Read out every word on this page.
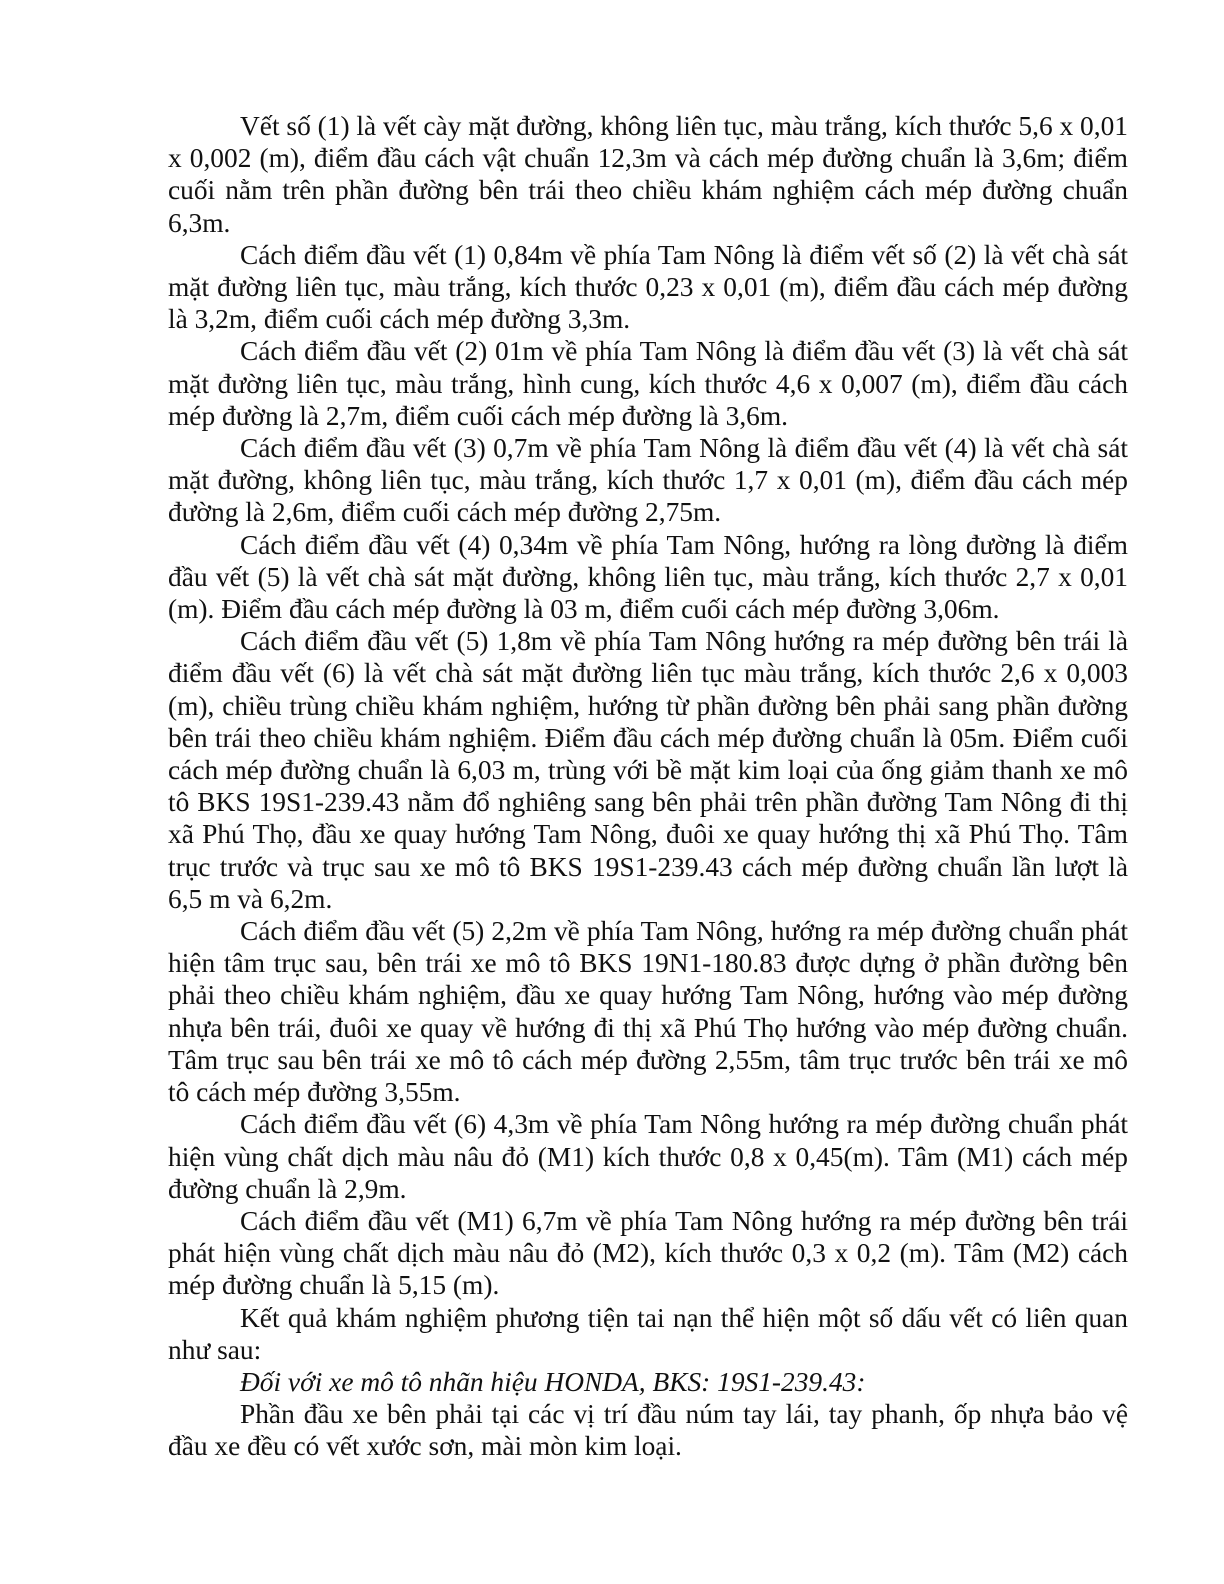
Vết số (1) là vết cày mặt đường, không liên tục, màu trắng, kích thước 5,6 x 0,01 x 0,002 (m), điểm đầu cách vật chuẩn 12,3m và cách mép đường chuẩn là 3,6m; điểm cuối nằm trên phần đường bên trái theo chiều khám nghiệm cách mép đường chuẩn 6,3m.

Cách điểm đầu vết (1) 0,84m về phía Tam Nông là điểm vết số (2) là vết chà sát mặt đường liên tục, màu trắng, kích thước 0,23 x 0,01 (m), điểm đầu cách mép đường là 3,2m, điểm cuối cách mép đường 3,3m.

Cách điểm đầu vết (2) 01m về phía Tam Nông là điểm đầu vết (3) là vết chà sát mặt đường liên tục, màu trắng, hình cung, kích thước 4,6 x 0,007 (m), điểm đầu cách mép đường là 2,7m, điểm cuối cách mép đường là 3,6m.

Cách điểm đầu vết (3) 0,7m về phía Tam Nông là điểm đầu vết (4) là vết chà sát mặt đường, không liên tục, màu trắng, kích thước 1,7 x 0,01 (m), điểm đầu cách mép đường là 2,6m, điểm cuối cách mép đường 2,75m.

Cách điểm đầu vết (4) 0,34m về phía Tam Nông, hướng ra lòng đường là điểm đầu vết (5) là vết chà sát mặt đường, không liên tục, màu trắng, kích thước 2,7 x 0,01 (m). Điểm đầu cách mép đường là 03 m, điểm cuối cách mép đường 3,06m.

Cách điểm đầu vết (5) 1,8m về phía Tam Nông hướng ra mép đường bên trái là điểm đầu vết (6) là vết chà sát mặt đường liên tục màu trắng, kích thước 2,6 x 0,003 (m), chiều trùng chiều khám nghiệm, hướng từ phần đường bên phải sang phần đường bên trái theo chiều khám nghiệm. Điểm đầu cách mép đường chuẩn là 05m. Điểm cuối cách mép đường chuẩn là 6,03 m, trùng với bề mặt kim loại của ống giảm thanh xe mô tô BKS 19S1-239.43 nằm đổ nghiêng sang bên phải trên phần đường Tam Nông đi thị xã Phú Thọ, đầu xe quay hướng Tam Nông, đuôi xe quay hướng thị xã Phú Thọ. Tâm trục trước và trục sau xe mô tô BKS 19S1-239.43 cách mép đường chuẩn lần lượt là 6,5 m và 6,2m.

Cách điểm đầu vết (5) 2,2m về phía Tam Nông, hướng ra mép đường chuẩn phát hiện tâm trục sau, bên trái xe mô tô BKS 19N1-180.83 được dựng ở phần đường bên phải theo chiều khám nghiệm, đầu xe quay hướng Tam Nông, hướng vào mép đường nhựa bên trái, đuôi xe quay về hướng đi thị xã Phú Thọ hướng vào mép đường chuẩn. Tâm trục sau bên trái xe mô tô cách mép đường 2,55m, tâm trục trước bên trái xe mô tô cách mép đường 3,55m.

Cách điểm đầu vết (6) 4,3m về phía Tam Nông hướng ra mép đường chuẩn phát hiện vùng chất dịch màu nâu đỏ (M1) kích thước 0,8 x 0,45(m). Tâm (M1) cách mép đường chuẩn là 2,9m.

Cách điểm đầu vết (M1) 6,7m về phía Tam Nông hướng ra mép đường bên trái phát hiện vùng chất dịch màu nâu đỏ (M2), kích thước 0,3 x 0,2 (m). Tâm (M2) cách mép đường chuẩn là 5,15 (m).

Kết quả khám nghiệm phương tiện tai nạn thể hiện một số dấu vết có liên quan như sau:

Đối với xe mô tô nhãn hiệu HONDA, BKS: 19S1-239.43:

Phần đầu xe bên phải tại các vị trí đầu núm tay lái, tay phanh, ốp nhựa bảo vệ đầu xe đều có vết xước sơn, mài mòn kim loại.
